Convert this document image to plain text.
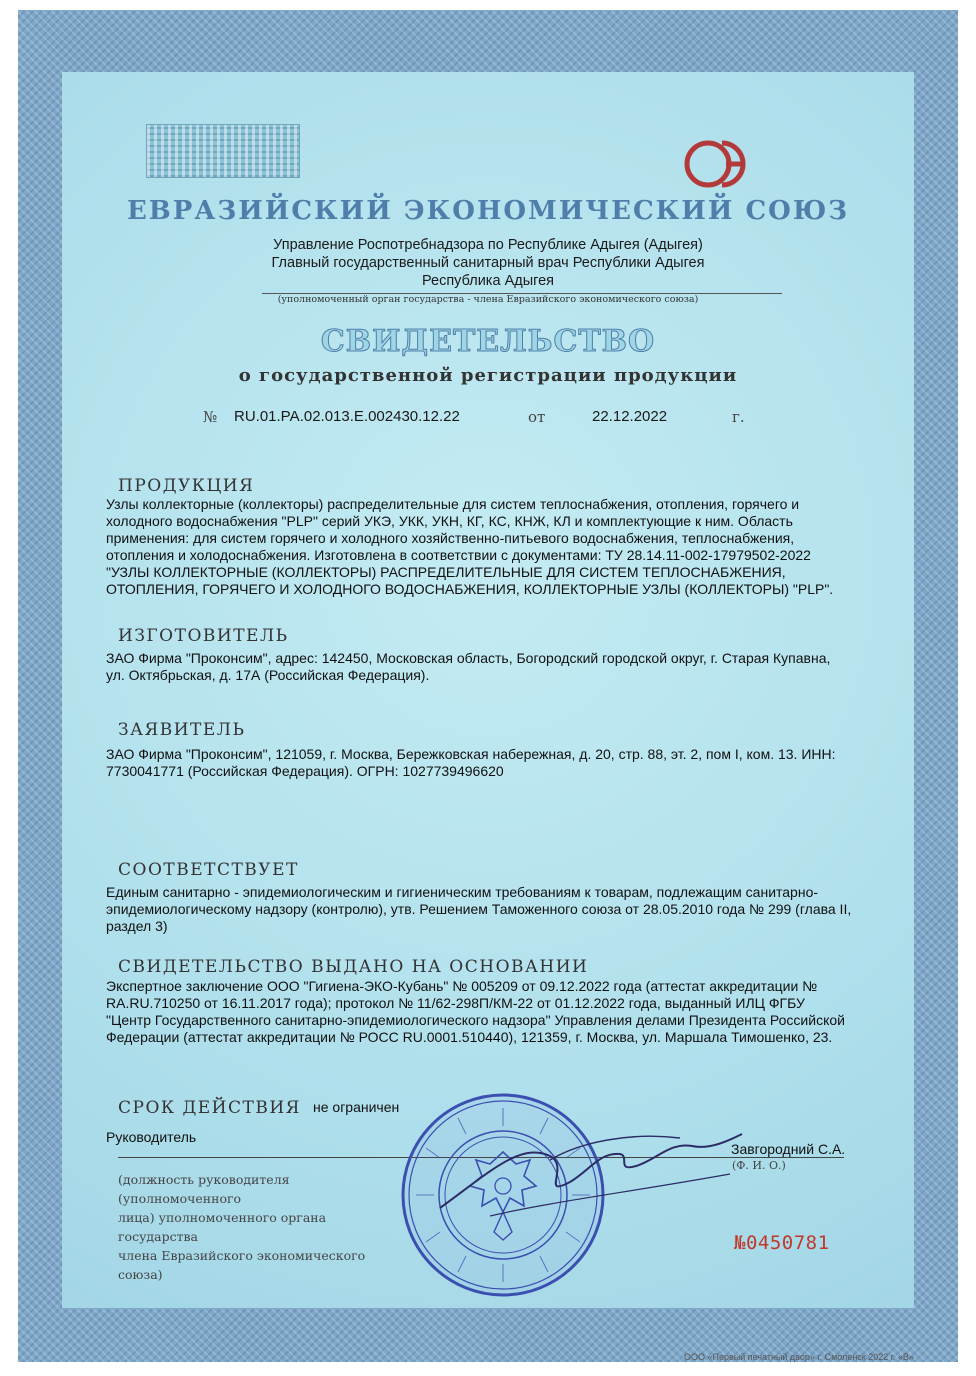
ЕВРАЗИЙСКИЙ ЭКОНОМИЧЕСКИЙ СОЮЗ
Управление Роспотребнадзора по Республике Адыгея (Адыгея)
Главный государственный санитарный врач Республики Адыгея
Республика Адыгея
(уполномоченный орган государства - члена Евразийского экономического союза)
СВИДЕТЕЛЬСТВО
о государственной регистрации продукции
№ RU.01.РА.02.013.Е.002430.12.22	от	22.12.2022	г.
ПРОДУКЦИЯ
Узлы коллекторные (коллекторы) распределительные для систем теплоснабжения, отопления, горячего и холодного водоснабжения "PLP" серий УКЭ, УКК, УКН, КГ, КС, КНЖ, КЛ и комплектующие к ним. Область применения: для систем горячего и холодного хозяйственно-питьевого водоснабжения, теплоснабжения, отопления и холодоснабжения. Изготовлена в соответствии с документами: ТУ 28.14.11-002-17979502-2022 "УЗЛЫ КОЛЛЕКТОРНЫЕ (КОЛЛЕКТОРЫ) РАСПРЕДЕЛИТЕЛЬНЫЕ ДЛЯ СИСТЕМ ТЕПЛОСНАБЖЕНИЯ, ОТОПЛЕНИЯ, ГОРЯЧЕГО И ХОЛОДНОГО ВОДОСНАБЖЕНИЯ, КОЛЛЕКТОРНЫЕ УЗЛЫ (КОЛЛЕКТОРЫ) "PLP".
ИЗГОТОВИТЕЛЬ
ЗАО Фирма "Проконсим", адрес: 142450, Московская область, Богородский городской округ, г. Старая Купавна, ул. Октябрьская, д. 17А (Российская Федерация).
ЗАЯВИТЕЛЬ
ЗАО Фирма "Проконсим", 121059, г. Москва, Бережковская набережная, д. 20, стр. 88, эт. 2, пом I, ком. 13. ИНН: 7730041771 (Российская Федерация). ОГРН: 1027739496620
СООТВЕТСТВУЕТ
Единым санитарно - эпидемиологическим и гигиеническим требованиям к товарам, подлежащим санитарно-эпидемиологическому надзору (контролю), утв. Решением Таможенного союза от 28.05.2010 года № 299 (глава II, раздел 3)
СВИДЕТЕЛЬСТВО ВЫДАНО НА ОСНОВАНИИ
Экспертное заключение ООО "Гигиена-ЭКО-Кубань" № 005209 от 09.12.2022 года (аттестат аккредитации № RA.RU.710250 от 16.11.2017 года); протокол № 11/62-298П/КМ-22 от 01.12.2022 года, выданный ИЛЦ ФГБУ "Центр Государственного санитарно-эпидемиологического надзора" Управления делами Президента Российской Федерации (аттестат аккредитации № РОСС RU.0001.510440), 121359, г. Москва, ул. Маршала Тимошенко, 23.
СРОК ДЕЙСТВИЯ не ограничен
Руководитель
Завгородний С.А.
(Ф. И. О.)
(должность руководителя (уполномоченного
лица) уполномоченного органа государства
члена Евразийского экономического союза)
№0450781
ООО «Первый печатный двор» г. Смоленск 2022 г. «В»
